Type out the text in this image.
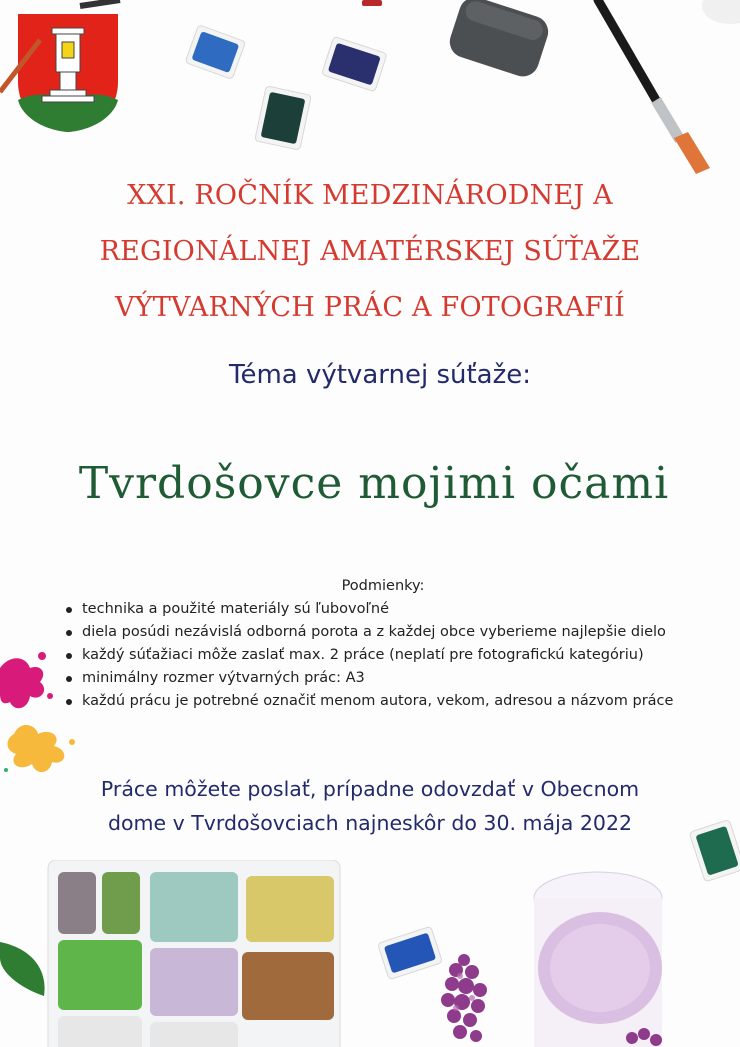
XXI. ROČNÍK MEDZINÁRODNEJ A
REGIONÁLNEJ AMATÉRSKEJ SÚŤAŽE
VÝTVARNÝCH PRÁC A FOTOGRAFIÍ
Téma výtvarnej súťaže:
Tvrdošovce mojimi očami
Podmienky:
technika a použité materiály sú ľubovoľné
diela posúdi nezávislá odborná porota a z každej obce vyberieme najlepšie dielo
každý súťažiaci môže zaslať max. 2 práce (neplatí pre fotografickú kategóriu)
minimálny rozmer výtvarných prác: A3
každú prácu je potrebné označiť menom autora, vekom, adresou a názvom práce
Práce môžete poslať, prípadne odovzdať v Obecnom
dome v Tvrdošovciach najneskôr do 30. mája 2022
